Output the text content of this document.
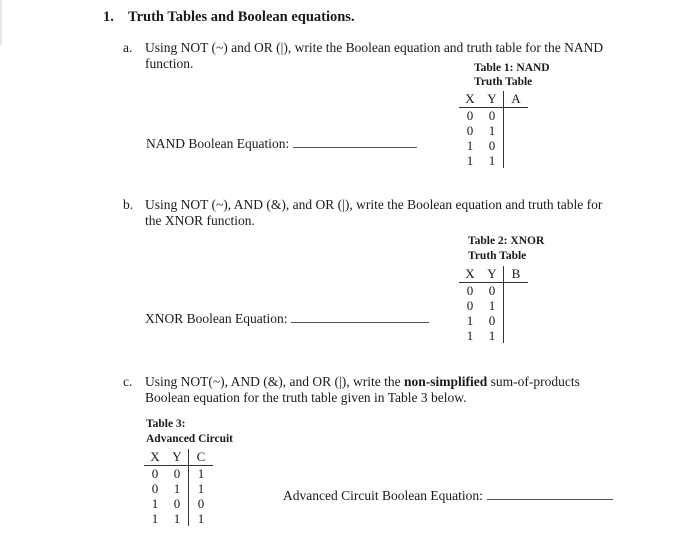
1. Truth Tables and Boolean equations.
a. Using NOT (~) and OR (|), write the Boolean equation and truth table for the NAND
function.	Table 1: NAND
Truth Table
X	Y	A
0	0	
0	1	
1	0	
1	1	
NAND Boolean Equation:
b. Using NOT (~), AND (&), and OR (|), write the Boolean equation and truth table for
the XNOR function.
Table 2: XNOR
Truth Table
X	Y	B
0	0	
0	1	
1	0	
1	1	
XNOR Boolean Equation:
c. Using NOT(~), AND (&), and OR (|), write the non-simplified sum-of-products
Boolean equation for the truth table given in Table 3 below.
Table 3:
Advanced Circuit
X	Y	C
0	0	1
0	1	1
1	0	0
1	1	1
Advanced Circuit Boolean Equation:
